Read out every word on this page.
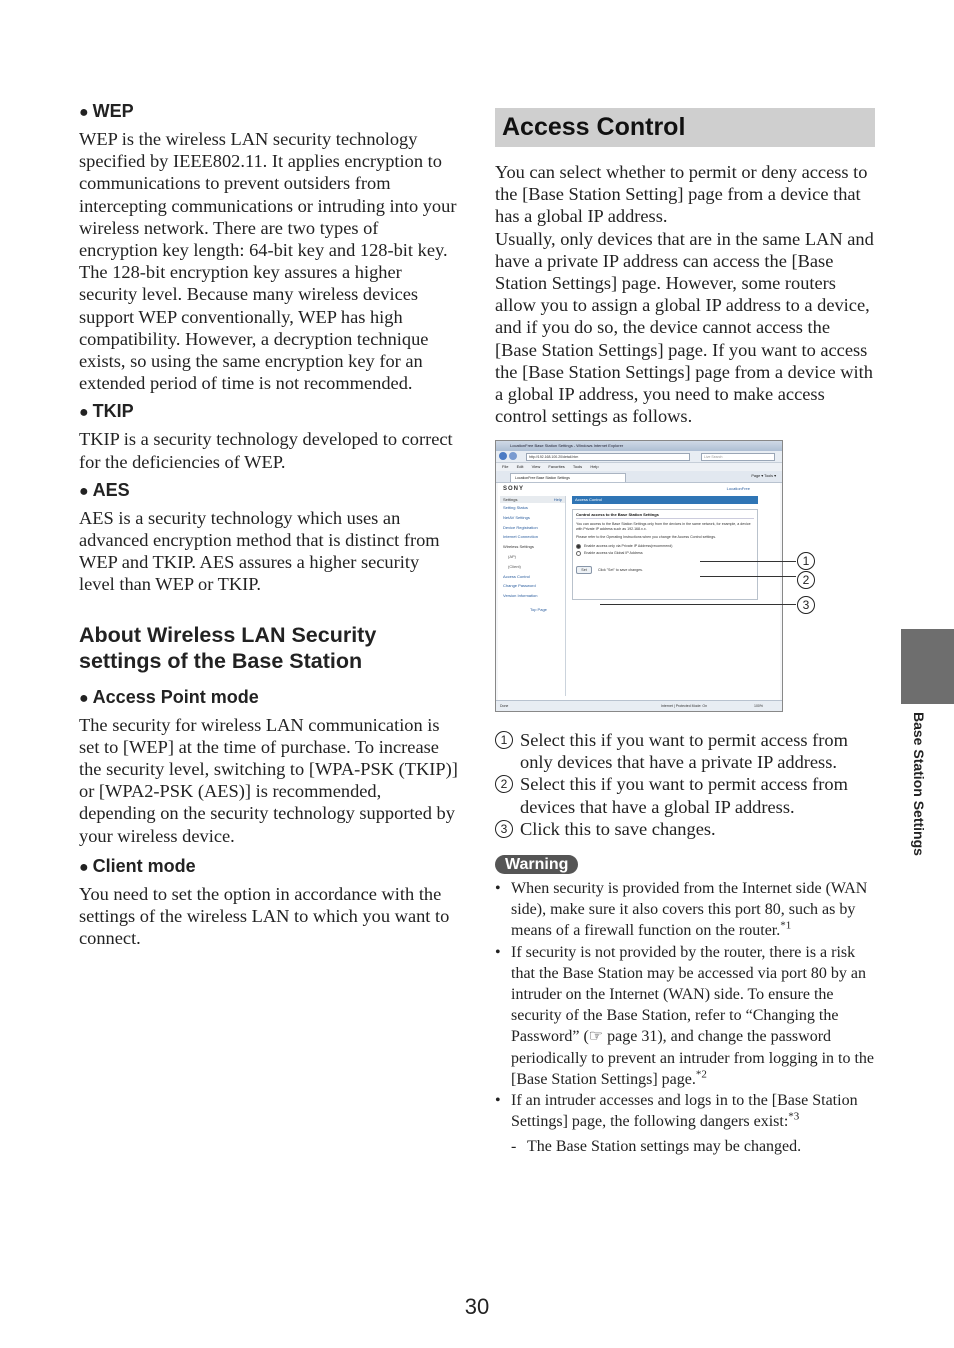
● WEP

WEP is the wireless LAN security technology specified by IEEE802.11. It applies encryption to communications to prevent outsiders from intercepting communications or intruding into your wireless network. There are two types of encryption key length: 64-bit key and 128-bit key. The 128-bit encryption key assures a higher security level. Because many wireless devices support WEP conventionally, WEP has high compatibility. However, a decryption technique exists, so using the same encryption key for an extended period of time is not recommended.

● TKIP

TKIP is a security technology developed to correct for the deficiencies of WEP.

● AES

AES is a security technology which uses an advanced encryption method that is distinct from WEP and TKIP. AES assures a higher security level than WEP or TKIP.

About Wireless LAN Security settings of the Base Station
● Access Point mode

The security for wireless LAN communication is set to [WEP] at the time of purchase. To increase the security level, switching to [WPA-PSK (TKIP)] or [WPA2-PSK (AES)] is recommended, depending on the security technology supported by your wireless device.

● Client mode

You need to set the option in accordance with the settings of the wireless LAN to which you want to connect.

Access Control

You can select whether to permit or deny access to the [Base Station Setting] page from a device that has a global IP address.

Usually, only devices that are in the same LAN and have a private IP address can access the [Base Station Settings] page. However, some routers allow you to assign a global IP address to a device, and if you do so, the device cannot access the [Base Station Settings] page. If you want to access the [Base Station Settings] page from a device with a global IP address, you need to make access control settings as follows.

LocationFree Base Station Settings - Windows Internet Explorer
http://192.168.100.20/detail.htm	Live Search
File Edit View Favorites Tools Help
LocationFree Base Station Settings	Page ▾ Tools ▾
SONY	LocationFree
Settings	Help
Setting Status
NetAV Settings
Device Registration
Internet Connection
Wireless Settings
(AP)
(Client)
Access Control
Change Password
Version Information
Top Page
Access Control
Control access to the Base Station Settings
You can access to the Base Station Settings only from the devices in the same network, for example, a device with Private IP address such as 192.168.x.x.
Please refer to the Operating Instructions when you change the Access Control settings.
Enable access only via Private IP Address(recommend)
Enable access via Global IP Address
Set	Click "Set" to save changes.
Done	Internet | Protected Mode: On	100%
1
2
3
1 Select this if you want to permit access from only devices that have a private IP address.
2 Select this if you want to permit access from devices that have a global IP address.
3 Click this to save changes.
Warning
• When security is provided from the Internet side (WAN side), make sure it also covers this port 80, such as by means of a firewall function on the router.$^{*1}$
• If security is not provided by the router, there is a risk that the Base Station may be accessed via port 80 by an intruder on the Internet (WAN) side. To ensure the security of the Base Station, refer to “Changing the Password” (☞ page 31), and change the password periodically to prevent an intruder from logging in to the [Base Station Settings] page.$^{*2}$
• If an intruder accesses and logs in to the [Base Station Settings] page, the following dangers exist:$^{*3}$
- The Base Station settings may be changed.
Base Station Settings
30
